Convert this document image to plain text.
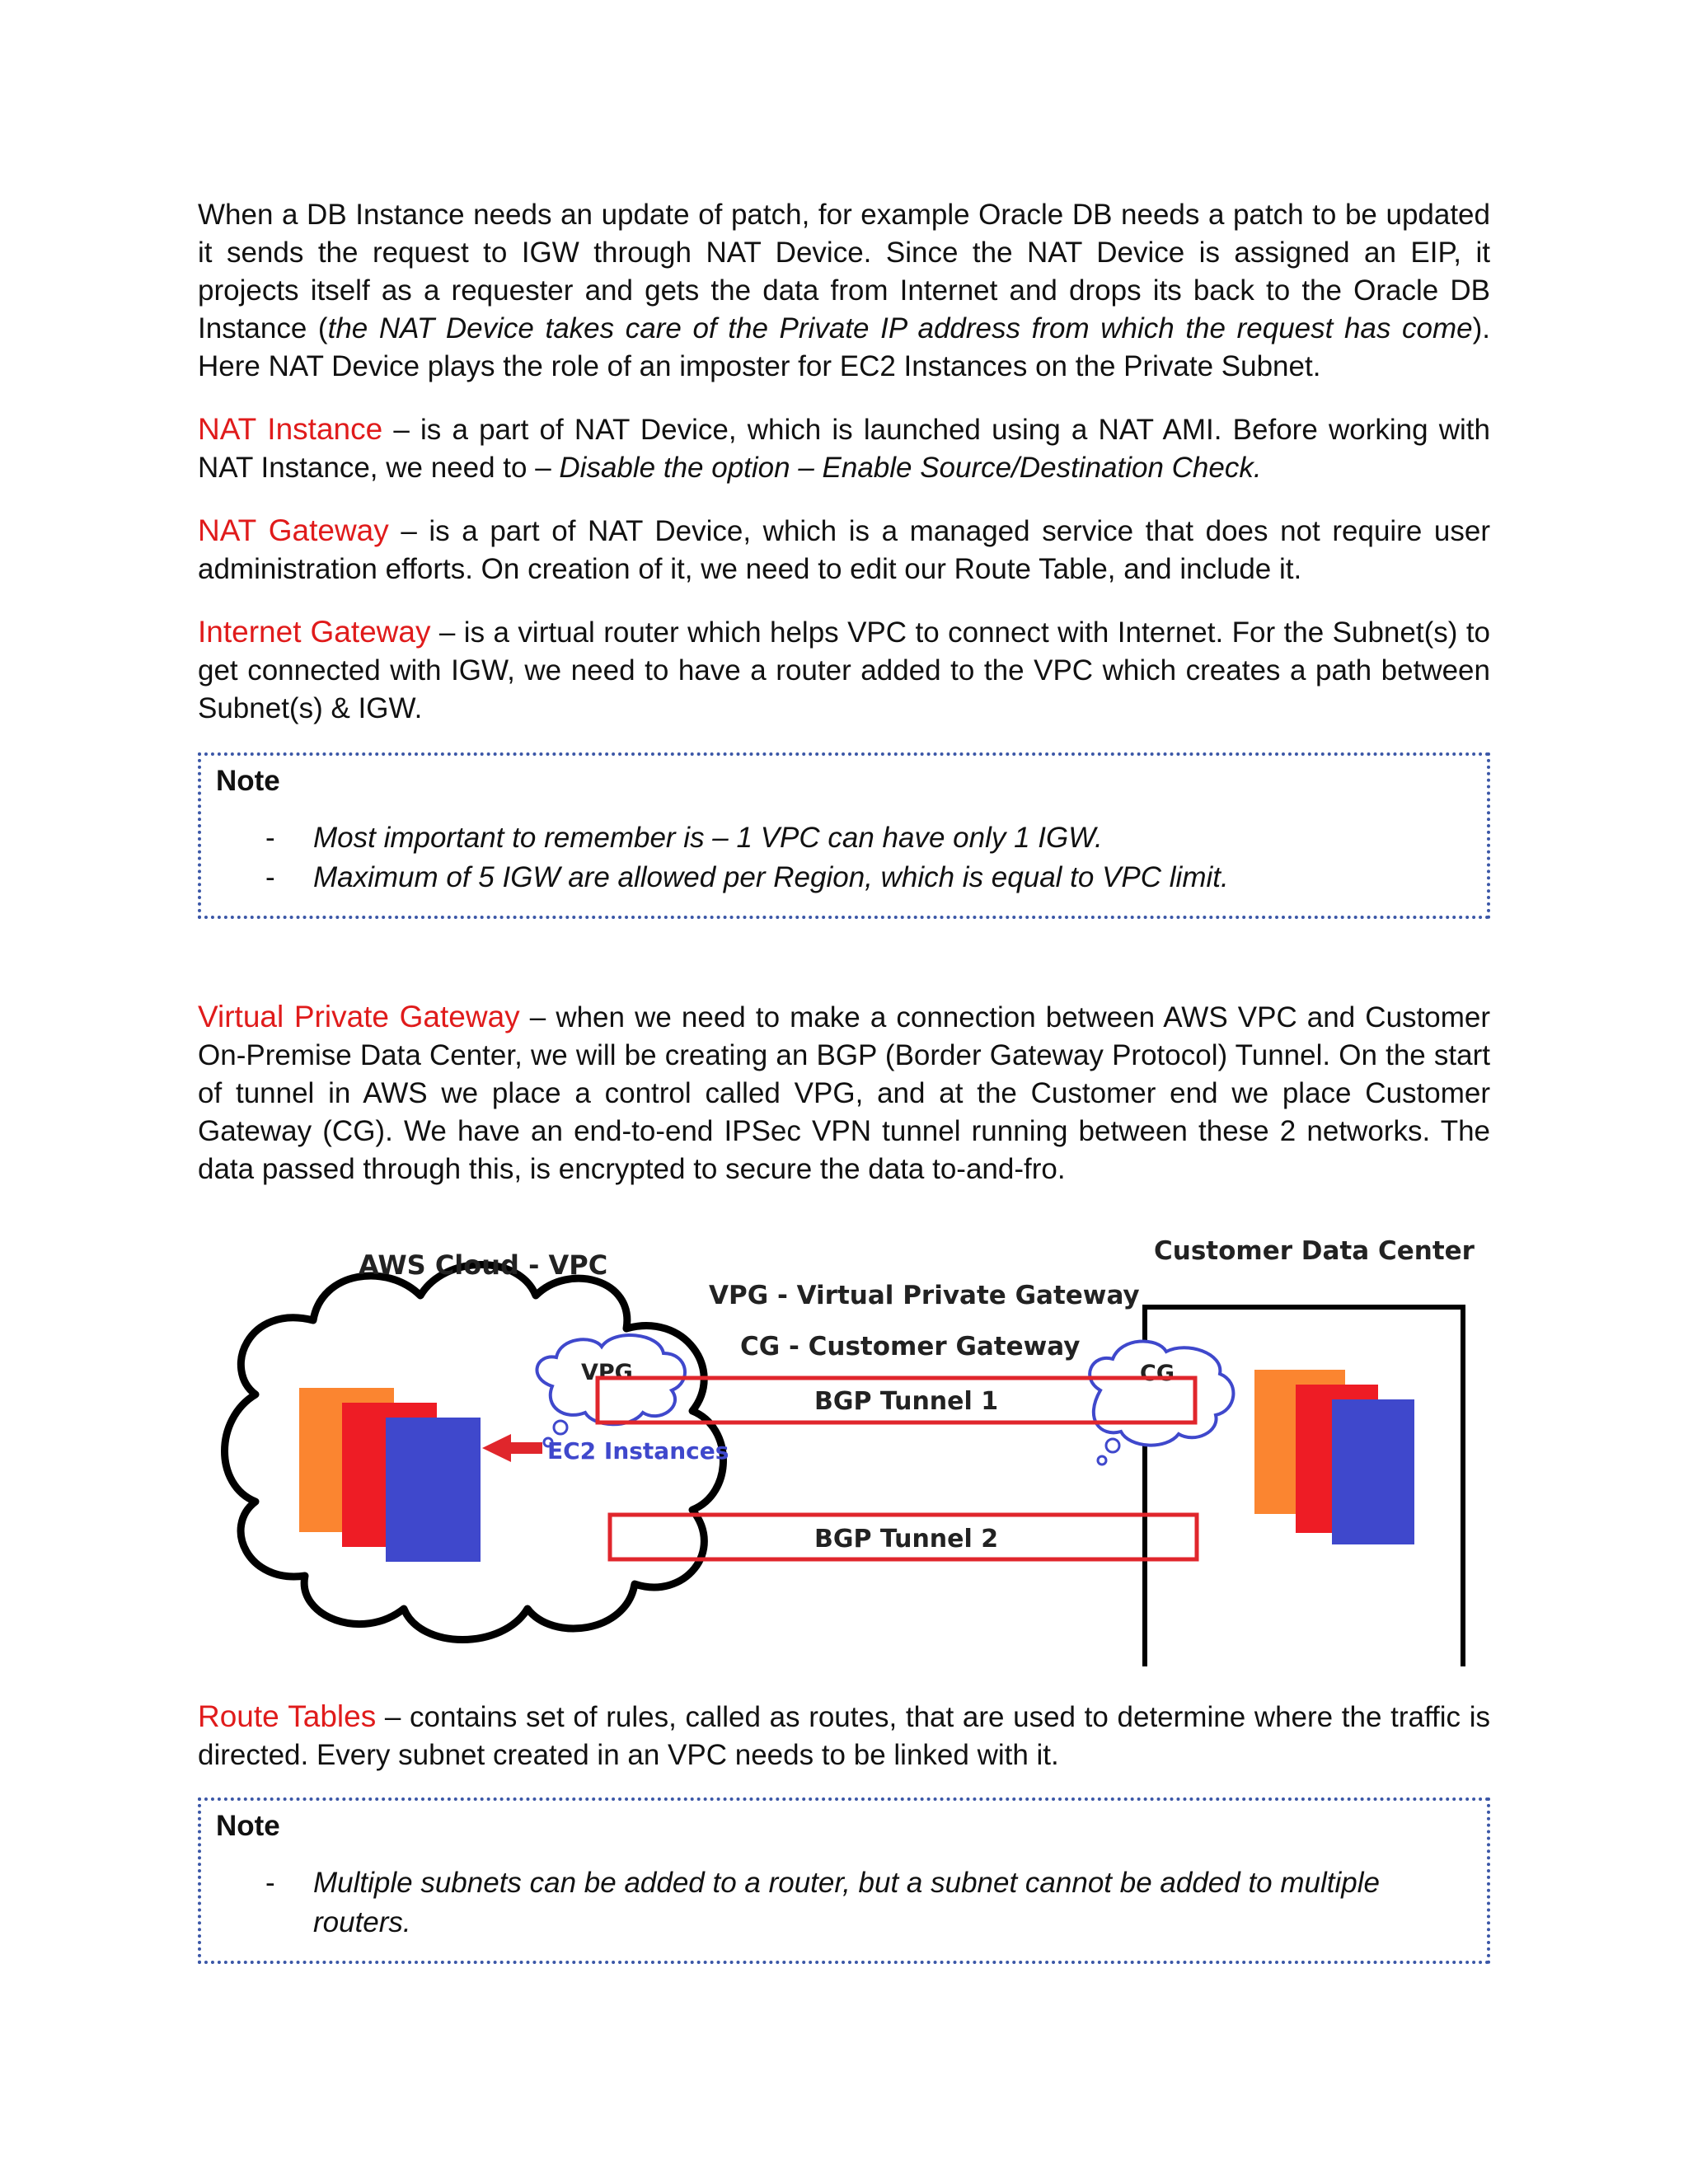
When a DB Instance needs an update of patch, for example Oracle DB needs a patch to be updated it sends the request to IGW through NAT Device. Since the NAT Device is assigned an EIP, it projects itself as a requester and gets the data from Internet and drops its back to the Oracle DB Instance (the NAT Device takes care of the Private IP address from which the request has come). Here NAT Device plays the role of an imposter for EC2 Instances on the Private Subnet.

NAT Instance – is a part of NAT Device, which is launched using a NAT AMI. Before working with NAT Instance, we need to – Disable the option – Enable Source/Destination Check.

NAT Gateway – is a part of NAT Device, which is a managed service that does not require user administration efforts. On creation of it, we need to edit our Route Table, and include it.

Internet Gateway – is a virtual router which helps VPC to connect with Internet. For the Subnet(s) to get connected with IGW, we need to have a router added to the VPC which creates a path between Subnet(s) & IGW.

Note
- Most important to remember is – 1 VPC can have only 1 IGW.
- Maximum of 5 IGW are allowed per Region, which is equal to VPC limit.

Virtual Private Gateway – when we need to make a connection between AWS VPC and Customer On-Premise Data Center, we will be creating an BGP (Border Gateway Protocol) Tunnel. On the start of tunnel in AWS we place a control called VPG, and at the Customer end we place Customer Gateway (CG). We have an end-to-end IPSec VPN tunnel running between these 2 networks. The data passed through this, is encrypted to secure the data to-and-fro.

EC2 Instances
AWS Cloud - VPC	Customer Data Center
VPG - Virtual Private Gateway
CG - Customer Gateway
VPG	CG
BGP Tunnel 1
BGP Tunnel 2

Route Tables – contains set of rules, called as routes, that are used to determine where the traffic is directed. Every subnet created in an VPC needs to be linked with it.

Note
- Multiple subnets can be added to a router, but a subnet cannot be added to multiple routers.
